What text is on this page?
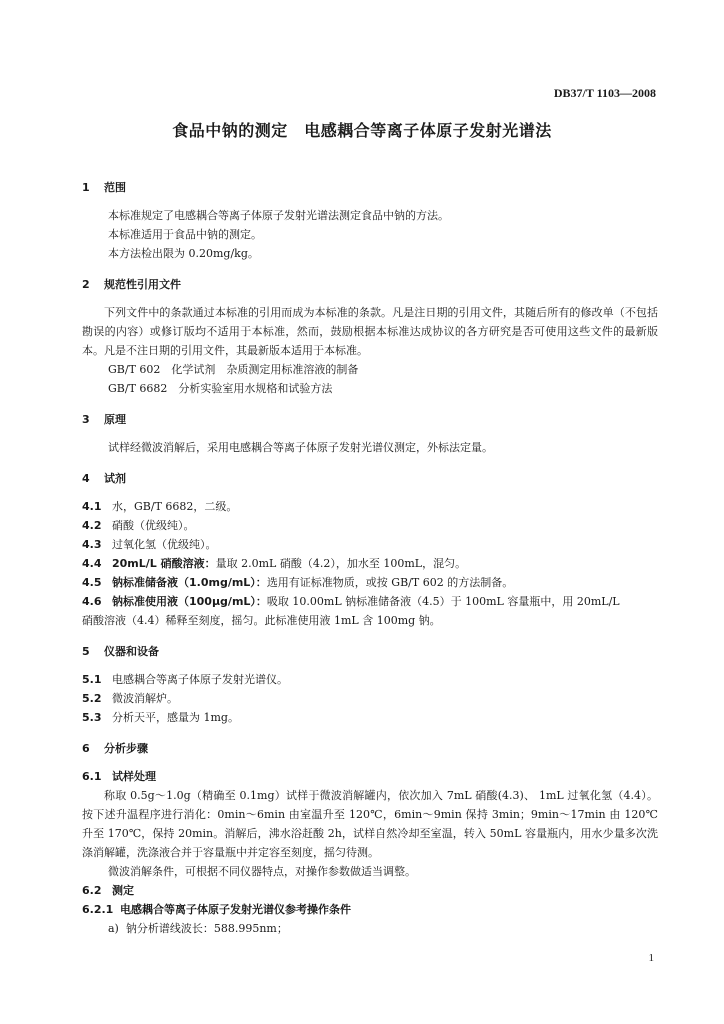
DB37/T 1103—2008
食品中钠的测定　电感耦合等离子体原子发射光谱法
1 范围
本标准规定了电感耦合等离子体原子发射光谱法测定食品中钠的方法。
本标准适用于食品中钠的测定。
本方法检出限为 0.20mg/kg。
2 规范性引用文件

下列文件中的条款通过本标准的引用而成为本标准的条款。凡是注日期的引用文件，其随后所有的修改单（不包括勘误的内容）或修订版均不适用于本标准，然而，鼓励根据本标准达成协议的各方研究是否可使用这些文件的最新版本。凡是不注日期的引用文件，其最新版本适用于本标准。

GB/T 602　化学试剂　杂质测定用标准溶液的制备
GB/T 6682　分析实验室用水规格和试验方法
3 原理
试样经微波消解后，采用电感耦合等离子体原子发射光谱仪测定，外标法定量。
4 试剂
4.1 水，GB/T 6682，二级。
4.2 硝酸（优级纯）。
4.3 过氧化氢（优级纯）。
4.4 20mL/L 硝酸溶液：量取 2.0mL 硝酸（4.2），加水至 100mL，混匀。
4.5 钠标准储备液（1.0mg/mL）：选用有证标准物质，或按 GB/T 602 的方法制备。
4.6 钠标准使用液（100μg/mL）：吸取 10.00mL 钠标准储备液（4.5）于 100mL 容量瓶中，用 20mL/L
硝酸溶液（4.4）稀释至刻度，摇匀。此标准使用液 1mL 含 100mg 钠。
5 仪器和设备
5.1 电感耦合等离子体原子发射光谱仪。
5.2 微波消解炉。
5.3 分析天平，感量为 1mg。
6 分析步骤
6.1 试样处理

称取 0.5g～1.0g（精确至 0.1mg）试样于微波消解罐内，依次加入 7mL 硝酸(4.3)、 1mL 过氧化氢（4.4）。按下述升温程序进行消化：0min～6min 由室温升至 120℃，6min～9min 保持 3min；9min～17min 由 120℃升至 170℃，保持 20min。消解后，沸水浴赶酸 2h，试样自然冷却至室温，转入 50mL 容量瓶内，用水少量多次洗涤消解罐，洗涤液合并于容量瓶中并定容至刻度，摇匀待测。

微波消解条件，可根据不同仪器特点，对操作参数做适当调整。
6.2 测定
6.2.1 电感耦合等离子体原子发射光谱仪参考操作条件
a)  钠分析谱线波长：588.995nm；
1
